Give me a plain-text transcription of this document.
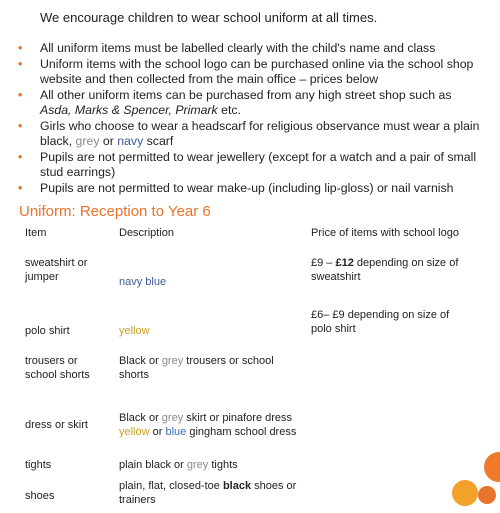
We encourage children to wear school uniform at all times.
• All uniform items must be labelled clearly with the child's name and class
• Uniform items with the school logo can be purchased online via the school shop website and then collected from the main office – prices below
• All other uniform items can be purchased from any high street shop such as Asda, Marks & Spencer, Primark etc.
• Girls who choose to wear a headscarf for religious observance must wear a plain black, grey or navy scarf
• Pupils are not permitted to wear jewellery (except for a watch and a pair of small stud earrings)
• Pupils are not permitted to wear make-up (including lip-gloss) or nail varnish
Uniform: Reception to Year 6
Item	Description	Price of items with school logo
sweatshirt or jumper	navy blue	£9 – £12 depending on size of sweatshirt
polo shirt	yellow	£6– £9 depending on size of polo shirt
trousers or school shorts	Black or grey trousers or school shorts	
dress or skirt	Black or grey skirt or pinafore dress
yellow or blue gingham school dress	
tights	plain black or grey tights	
shoes	plain, flat, closed-toe black shoes or trainers	
